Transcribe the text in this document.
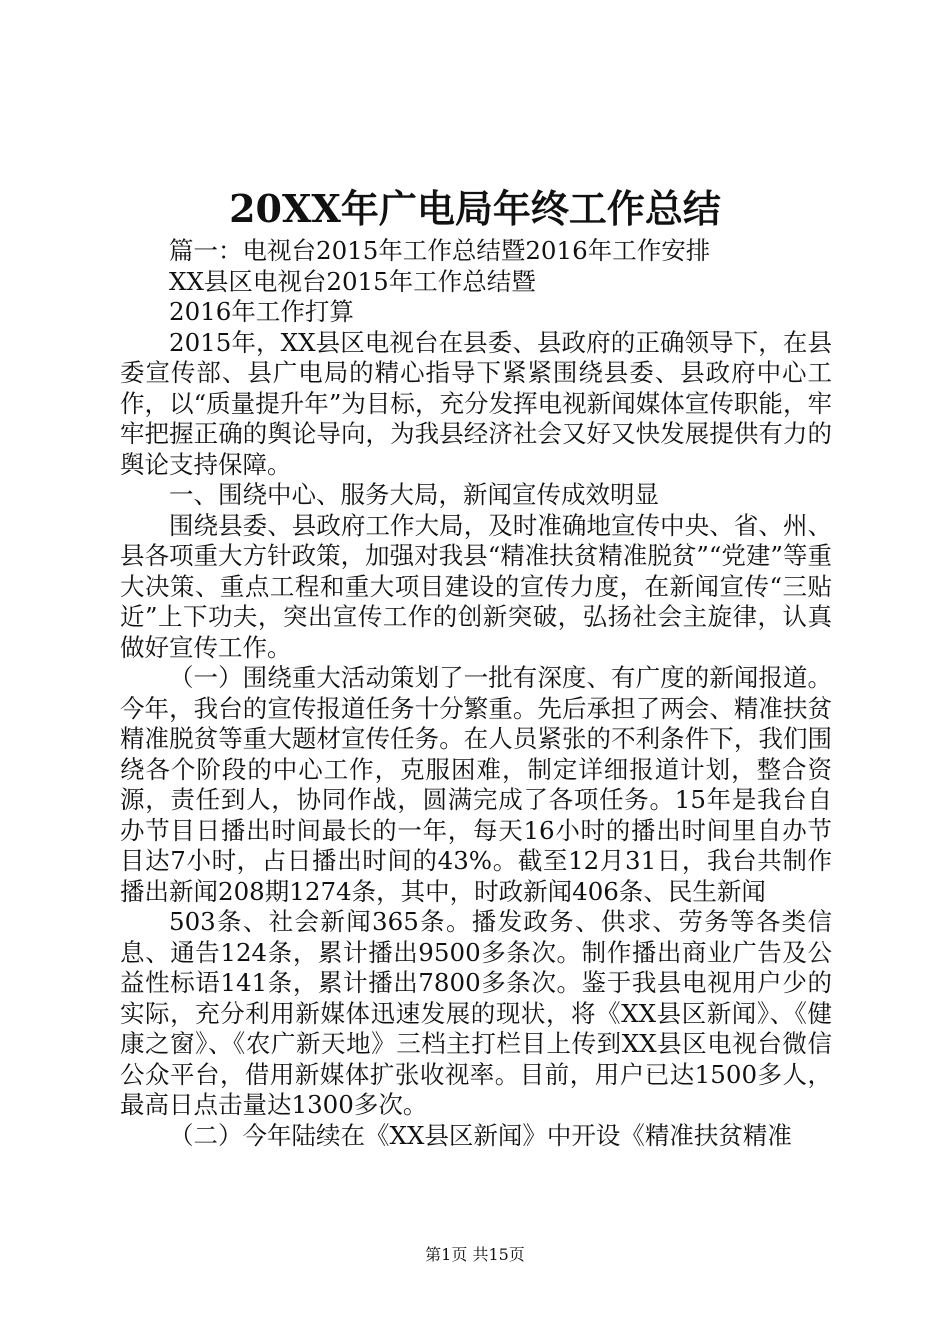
20XX年广电局年终工作总结

篇一：电视台2015年工作总结暨2016年工作安排

XX县区电视台2015年工作总结暨

2016年工作打算

2015年，XX县区电视台在县委、县政府的正确领导下，在县委宣传部、县广电局的精心指导下紧紧围绕县委、县政府中心工作，以“质量提升年”为目标，充分发挥电视新闻媒体宣传职能，牢牢把握正确的舆论导向，为我县经济社会又好又快发展提供有力的舆论支持保障。

一、围绕中心、服务大局，新闻宣传成效明显

围绕县委、县政府工作大局，及时准确地宣传中央、省、州、县各项重大方针政策，加强对我县“精准扶贫精准脱贫”“党建”等重大决策、重点工程和重大项目建设的宣传力度，在新闻宣传“三贴近”上下功夫，突出宣传工作的创新突破，弘扬社会主旋律，认真做好宣传工作。

（一）围绕重大活动策划了一批有深度、有广度的新闻报道。今年，我台的宣传报道任务十分繁重。先后承担了两会、精准扶贫精准脱贫等重大题材宣传任务。在人员紧张的不利条件下，我们围绕各个阶段的中心工作，克服困难，制定详细报道计划，整合资源，责任到人，协同作战，圆满完成了各项任务。15年是我台自办节目日播出时间最长的一年，每天16小时的播出时间里自办节目达7小时，占日播出时间的43%。截至12月31日，我台共制作播出新闻208期1274条，其中，时政新闻406条、民生新闻

503条、社会新闻365条。播发政务、供求、劳务等各类信息、通告124条，累计播出9500多条次。制作播出商业广告及公益性标语141条，累计播出7800多条次。鉴于我县电视用户少的实际，充分利用新媒体迅速发展的现状，将《XX县区新闻》、《健康之窗》、《农广新天地》三档主打栏目上传到XX县区电视台微信公众平台，借用新媒体扩张收视率。目前，用户已达1500多人，最高日点击量达1300多次。

（二）今年陆续在《XX县区新闻》中开设《精准扶贫精准

第1页 共15页
